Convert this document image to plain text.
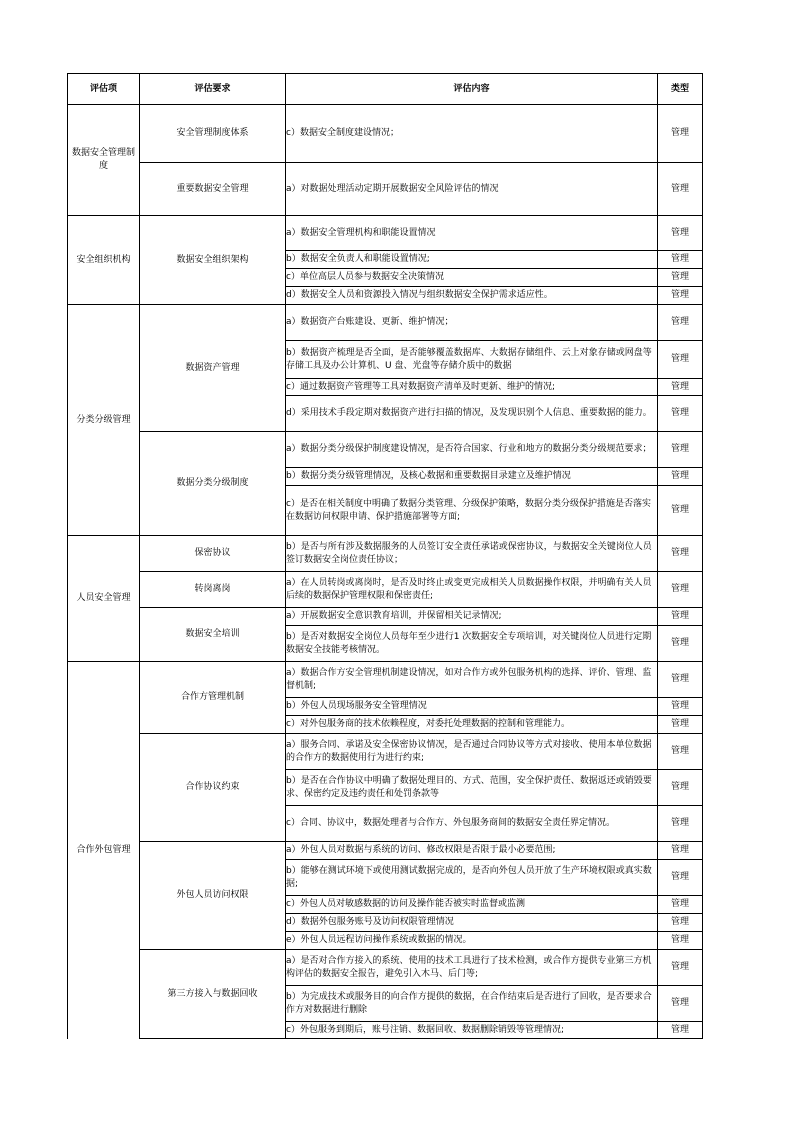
评估项	评估要求	评估内容	类型
数据安全管理制度	安全管理制度体系	c）数据安全制度建设情况；	管理
	重要数据安全管理	a）对数据处理活动定期开展数据安全风险评估的情况	管理
安全组织机构	数据安全组织架构	a）数据安全管理机构和职能设置情况	管理
		b）数据安全负责人和职能设置情况;	管理
		c）单位高层人员参与数据安全决策情况	管理
		d）数据安全人员和资源投入情况与组织数据安全保护需求适应性。	管理
分类分级管理	数据资产管理	a）数据资产台账建设、更新、维护情况；	管理
		b）数据资产梳理是否全面，是否能够覆盖数据库、大数据存储组件、云上对象存储或网盘等存储工具及办公计算机、U 盘、光盘等存储介质中的数据	管理
		c）通过数据资产管理等工具对数据资产清单及时更新、维护的情况;	管理
		d）采用技术手段定期对数据资产进行扫描的情况，及发现识别个人信息、重要数据的能力。	管理
	数据分类分级制度	a）数据分类分级保护制度建设情况，是否符合国家、行业和地方的数据分类分级规范要求；	管理
		b）数据分类分级管理情况，及核心数据和重要数据目录建立及维护情况	管理
		c）是否在相关制度中明确了数据分类管理、分级保护策略，数据分类分级保护措施是否落实在数据访问权限申请、保护措施部署等方面;	管理
人员安全管理	保密协议	b）是否与所有涉及数据服务的人员签订安全责任承诺或保密协议，与数据安全关键岗位人员签订数据安全岗位责任协议；	管理
	转岗离岗	a）在人员转岗或离岗时，是否及时终止或变更完成相关人员数据操作权限，并明确有关人员后续的数据保护管理权限和保密责任;	管理
	数据安全培训	a）开展数据安全意识教育培训，并保留相关记录情况;	管理
		b）是否对数据安全岗位人员每年至少进行1 次数据安全专项培训，对关键岗位人员进行定期数据安全技能考核情况。	管理
合作外包管理	合作方管理机制	a）数据合作方安全管理机制建设情况，如对合作方或外包服务机构的选择、评价、管理、监督机制;	管理
		b）外包人员现场服务安全管理情况	管理
		c）对外包服务商的技术依赖程度，对委托处理数据的控制和管理能力。	管理
	合作协议约束	a）服务合同、承诺及安全保密协议情况，是否通过合同协议等方式对接收、使用本单位数据的合作方的数据使用行为进行约束;	管理
		b）是否在合作协议中明确了数据处理目的、方式、范围，安全保护责任、数据返还或销毁要求、保密约定及违约责任和处罚条款等	管理
		c）合同、协议中，数据处理者与合作方、外包服务商间的数据安全责任界定情况。	管理
	外包人员访问权限	a）外包人员对数据与系统的访问、修改权限是否限于最小必要范围;	管理
		b）能够在测试环境下或使用测试数据完成的，是否向外包人员开放了生产环境权限或真实数据;	管理
		c）外包人员对敏感数据的访问及操作能否被实时监督或监测	管理
		d）数据外包服务账号及访问权限管理情况	管理
		e）外包人员远程访问操作系统或数据的情况。	管理
	第三方接入与数据回收	a）是否对合作方接入的系统、使用的技术工具进行了技术检测，或合作方提供专业第三方机构评估的数据安全报告，避免引入木马、后门等;	管理
		b）为完成技术或服务目的向合作方提供的数据，在合作结束后是否进行了回收，是否要求合作方对数据进行删除	管理
		c）外包服务到期后，账号注销、数据回收、数据删除销毁等管理情况;	管理
